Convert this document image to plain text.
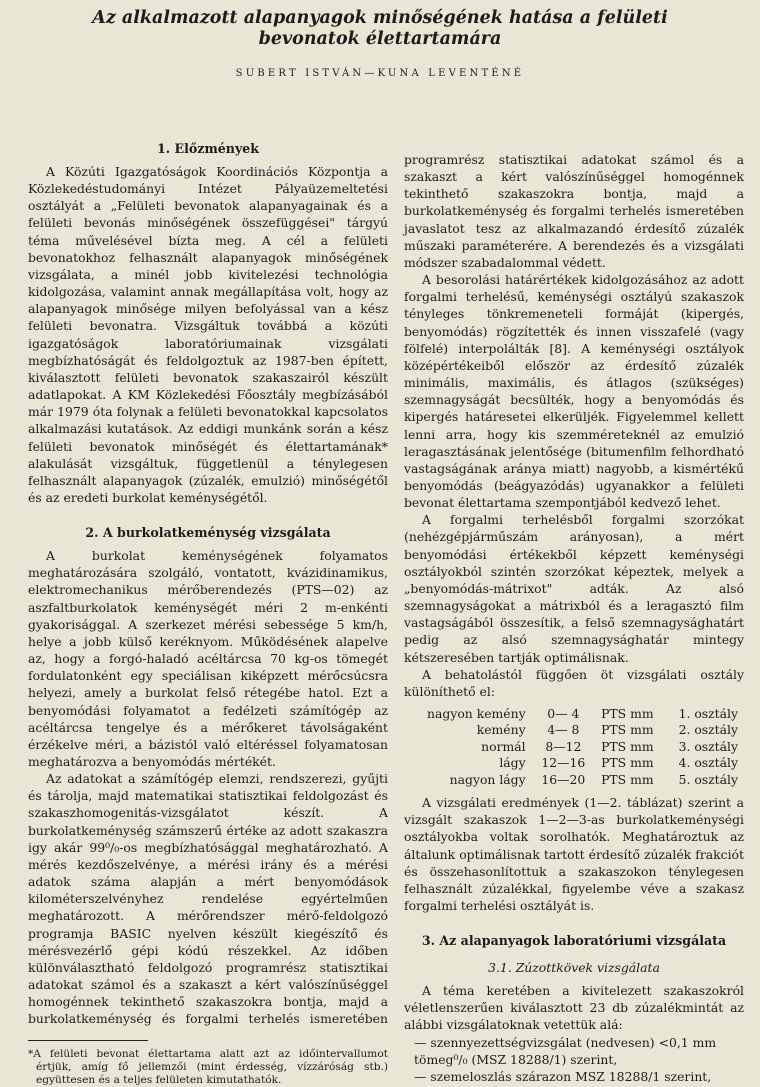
Az alkalmazott alapanyagok minőségének hatása a felületi bevonatok élettartamára
SUBERT ISTVÁN—KUNA LEVENTÉNÉ
1. Előzmények

A Közúti Igazgatóságok Koordinációs Központja a Közlekedéstudományi Intézet Pályaüzemeltetési osztályát a „Felületi bevonatok alapanyagainak és a felületi bevonás minőségének összefüggései" tárgyú téma művelésével bízta meg. A cél a felületi bevonatokhoz felhasznált alapanyagok minőségének vizsgálata, a minél jobb kivitelezési technológia kidolgozása, valamint annak megállapítása volt, hogy az alapanyagok minősége milyen befolyással van a kész felületi bevonatra. Vizsgáltuk továbbá a közúti igazgatóságok laboratóriumainak vizsgálati megbízhatóságát és feldolgoztuk az 1987-ben épített, kiválasztott felületi bevonatok szakaszairól készült adatlapokat. A KM Közlekedési Főosztály megbízásából már 1979 óta folynak a felületi bevonatokkal kapcsolatos alkalmazási kutatások. Az eddigi munkánk során a kész felületi bevonatok minőségét és élettartamának* alakulását vizsgáltuk, függetlenül a ténylegesen felhasznált alapanyagok (zúzalék, emulzió) minőségétől és az eredeti burkolat keménységétől.

2. A burkolatkeménység vizsgálata

A burkolat keménységének folyamatos meghatározására szolgáló, vontatott, kvázidinamikus, elektromechanikus mérőberendezés (PTS—02) az aszfaltburkolatok keménységét méri 2 m-enkénti gyakorisággal. A szerkezet mérési sebessége 5 km/h, helye a jobb külső keréknyom. Működésének alapelve az, hogy a forgó-haladó acéltárcsa 70 kg-os tömegét fordulatonként egy speciálisan kiképzett mérőcsúcsra helyezi, amely a burkolat felső rétegébe hatol. Ezt a benyomódási folyamatot a fedélzeti számítógép az acéltárcsa tengelye és a mérőkeret távolságaként érzékelve méri, a bázistól való eltéréssel folyamatosan meghatározva a benyomódás mértékét.

Az adatokat a számítógép elemzi, rendszerezi, gyűjti és tárolja, majd matematikai statisztikai feldolgozást és szakaszhomogenitás-vizsgálatot készít. A burkolatkeménység számszerű értéke az adott szakaszra igy akár 99⁰/₀-os megbízhatósággal meghatározható. A mérés kezdőszelvénye, a mérési irány és a mérési adatok száma alapján a mért benyomódások kilométerszelvényhez rendelése egyértelműen meghatározott. A mérőrendszer mérő-feldolgozó programja BASIC nyelven készült kiegészítő és mérésvezérlő gépi kódú részekkel. Az időben különválasztható feldolgozó programrész statisztikai adatokat számol és a szakaszt a kért valószínűséggel homogénnek tekinthető szakaszokra bontja, majd a burkolatkeménység és forgalmi terhelés ismeretében

*A felületi bevonat élettartama alatt azt az időintervallumot értjük, amíg fő jellemzői (mint érdesség, vízzáróság stb.) együttesen és a teljes felületen kimutathatók.

programrész statisztikai adatokat számol és a szakaszt a kért valószínűséggel homogénnek tekinthető szakaszokra bontja, majd a burkolatkeménység és forgalmi terhelés ismeretében javaslatot tesz az alkalmazandó érdesítő zúzalék műszaki paraméterére. A berendezés és a vizsgálati módszer szabadalommal védett.

A besorolási határértékek kidolgozásához az adott forgalmi terhelésű, keménységi osztályú szakaszok tényleges tönkremeneteli formáját (kipergés, benyomódás) rögzítették és innen visszafelé (vagy fölfelé) interpolálták [8]. A keménységi osztályok középértékeiből először az érdesítő zúzalék minimális, maximális, és átlagos (szükséges) szemnagyságát becsülték, hogy a benyomódás és kipergés határesetei elkerüljék. Figyelemmel kellett lenni arra, hogy kis szemméreteknél az emulzió leragasztásának jelentősége (bitumenfilm felhordható vastagságának aránya miatt) nagyobb, a kismértékű benyomódás (beágyazódás) ugyanakkor a felületi bevonat élettartama szempontjából kedvező lehet.

A forgalmi terhelésből forgalmi szorzókat (nehézgépjárműszám arányosan), a mért benyomódási értékekből képzett keménységi osztályokból szintén szorzókat képeztek, melyek a „benyomódás-mátrixot" adták. Az alsó szemnagyságokat a mátrixból és a leragasztó film vastagságából összesítik, a felső szemnagysághatárt pedig az alsó szemnagysághatár mintegy kétszeresében tartják optimálisnak.

A behatolástól függően öt vizsgálati osztály különíthető el:

nagyon kemény	0— 4	PTS mm	1. osztály
kemény	4— 8	PTS mm	2. osztály
normál	8—12	PTS mm	3. osztály
lágy	12—16	PTS mm	4. osztály
nagyon lágy	16—20	PTS mm	5. osztály

A vizsgálati eredmények (1—2. táblázat) szerint a vizsgált szakaszok 1—2—3-as burkolatkeménységi osztályokba voltak sorolhatók. Meghatároztuk az általunk optimálisnak tartott érdesítő zúzalék frakciót és összehasonlítottuk a szakaszokon ténylegesen felhasznált zúzalékkal, figyelembe véve a szakasz forgalmi terhelési osztályát is.

3. Az alapanyagok laboratóriumi vizsgálata
3.1. Zúzottkövek vizsgálata

A téma keretében a kivitelezett szakaszokról véletlenszerűen kiválasztott 23 db zúzalékmintát az alábbi vizsgálatoknak vetettük alá:

— szennyezettségvizsgálat (nedvesen) <0,1 mm tömeg⁰/₀ (MSZ 18288/1) szerint,
— szemeloszlás szárazon MSZ 18288/1 szerint,
